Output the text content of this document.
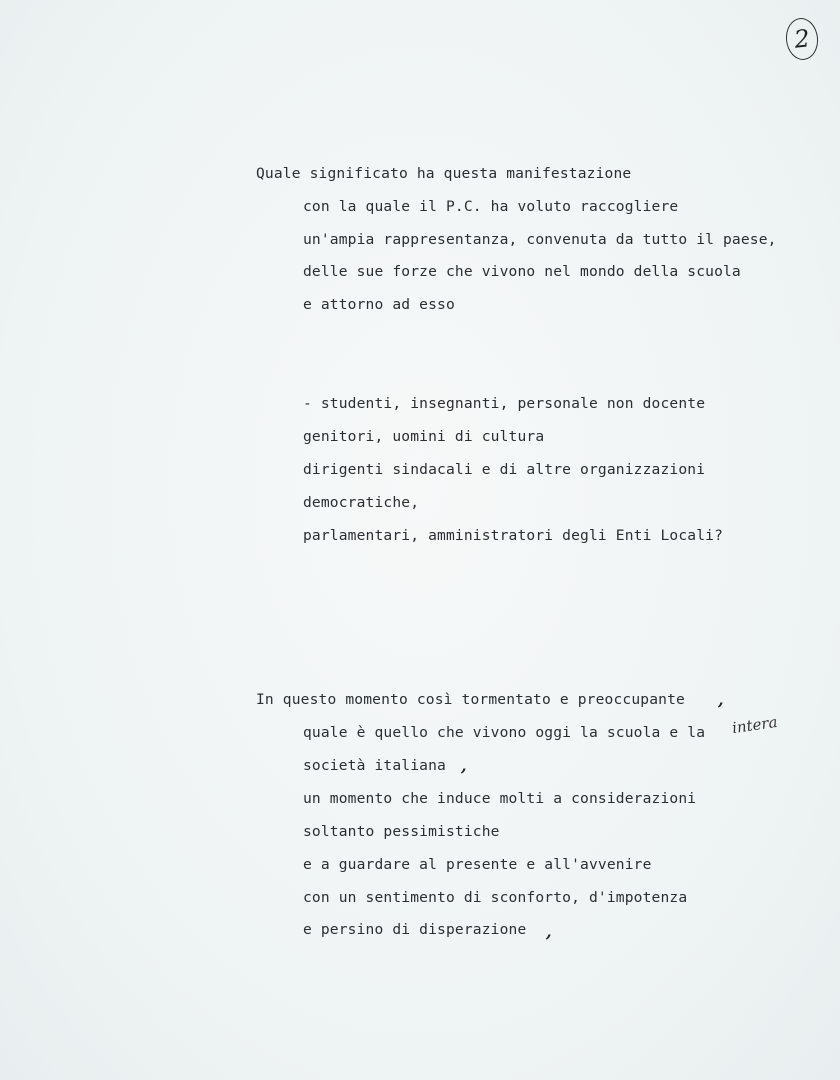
2
Quale significato ha questa manifestazione
con la quale il P.C. ha voluto raccogliere
un'ampia rappresentanza, convenuta da tutto il paese,
delle sue forze che vivono nel mondo della scuola
e attorno ad esso
- studenti, insegnanti, personale non docente
genitori, uomini di cultura
dirigenti sindacali e di altre organizzazioni
democratiche,
parlamentari, amministratori degli Enti Locali?
In questo momento così tormentato e preoccupante ,
quale è quello che vivono oggi la scuola e la intera
società italiana ,
un momento che induce molti a considerazioni
soltanto pessimistiche
e a guardare al presente e all'avvenire
con un sentimento di sconforto, d'impotenza
e persino di disperazione ,
